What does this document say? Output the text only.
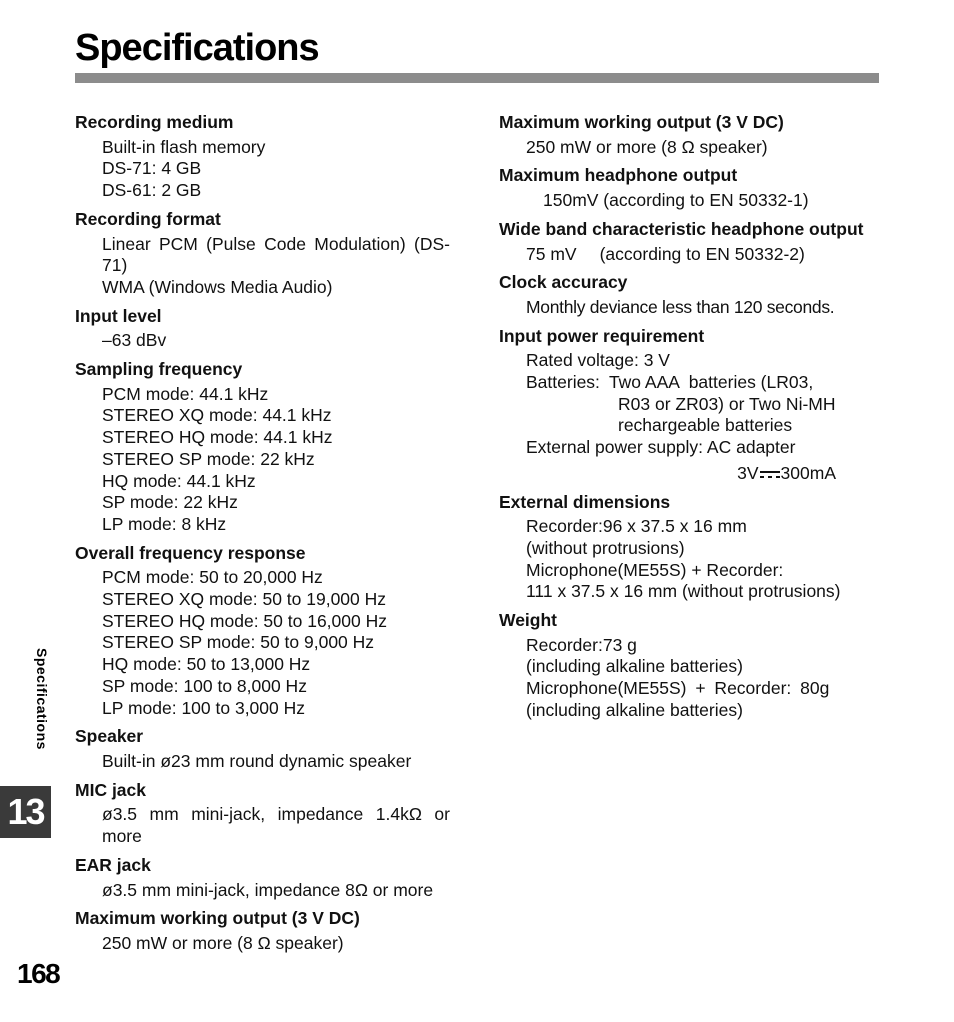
Specifications
Recording medium
Built-in flash memory
DS-71: 4 GB
DS-61: 2 GB
Recording format
Linear PCM (Pulse Code Modulation) (DS-71)
WMA (Windows Media Audio)
Input level
–63 dBv
Sampling frequency
PCM mode: 44.1 kHz
STEREO XQ mode: 44.1 kHz
STEREO HQ mode: 44.1 kHz
STEREO SP mode: 22 kHz
HQ mode: 44.1 kHz
SP mode: 22 kHz
LP mode: 8 kHz
Overall frequency response
PCM mode: 50 to 20,000 Hz
STEREO XQ mode: 50 to 19,000 Hz
STEREO HQ mode: 50 to 16,000 Hz
STEREO SP mode: 50 to 9,000 Hz
HQ mode: 50 to 13,000 Hz
SP mode: 100 to 8,000 Hz
LP mode: 100 to 3,000 Hz
Speaker
Built-in ø23 mm round dynamic speaker
MIC jack
ø3.5 mm mini-jack, impedance 1.4kΩ or more
EAR jack
ø3.5 mm mini-jack, impedance 8Ω or more
Maximum working output (3 V DC)
250 mW or more (8 Ω speaker)
Maximum working output (3 V DC)
250 mW or more (8 Ω speaker)
Maximum headphone output
150mV (according to EN 50332-1)
Wide band characteristic headphone output
75 mV (according to EN 50332-2)
Clock accuracy
Monthly deviance less than 120 seconds.
Input power requirement
Rated voltage: 3 V
Batteries: Two AAA  batteries (LR03,
R03 or ZR03) or Two Ni-MH
rechargeable batteries
External power supply: AC adapter
3V 300mA
External dimensions
Recorder:96 x 37.5 x 16 mm
(without protrusions)
Microphone(ME55S) + Recorder:
111 x 37.5 x 16 mm (without protrusions)
Weight
Recorder:73 g
(including alkaline batteries)
Microphone(ME55S) + Recorder: 80g
(including alkaline batteries)
Specifications
13
168
